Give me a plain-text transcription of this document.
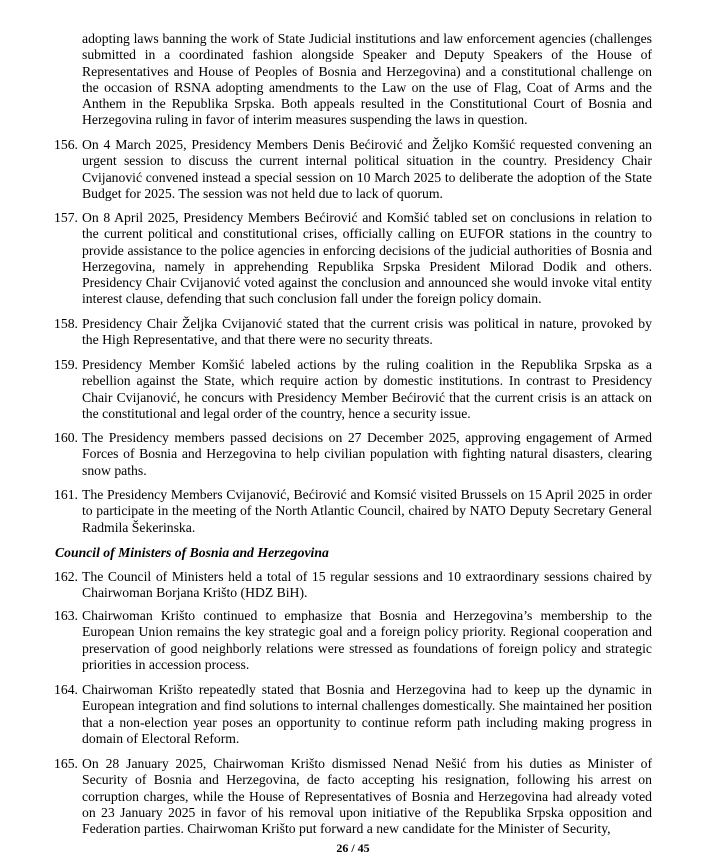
adopting laws banning the work of State Judicial institutions and law enforcement agencies (challenges submitted in a coordinated fashion alongside Speaker and Deputy Speakers of the House of Representatives and House of Peoples of Bosnia and Herzegovina) and a constitutional challenge on the occasion of RSNA adopting amendments to the Law on the use of Flag, Coat of Arms and the Anthem in the Republika Srpska. Both appeals resulted in the Constitutional Court of Bosnia and Herzegovina ruling in favor of interim measures suspending the laws in question.
156. On 4 March 2025, Presidency Members Denis Bećirović and Željko Komšić requested convening an urgent session to discuss the current internal political situation in the country. Presidency Chair Cvijanović convened instead a special session on 10 March 2025 to deliberate the adoption of the State Budget for 2025. The session was not held due to lack of quorum.
157. On 8 April 2025, Presidency Members Bećirović and Komšić tabled set on conclusions in relation to the current political and constitutional crises, officially calling on EUFOR stations in the country to provide assistance to the police agencies in enforcing decisions of the judicial authorities of Bosnia and Herzegovina, namely in apprehending Republika Srpska President Milorad Dodik and others. Presidency Chair Cvijanović voted against the conclusion and announced she would invoke vital entity interest clause, defending that such conclusion fall under the foreign policy domain.
158. Presidency Chair Željka Cvijanović stated that the current crisis was political in nature, provoked by the High Representative, and that there were no security threats.
159. Presidency Member Komšić labeled actions by the ruling coalition in the Republika Srpska as a rebellion against the State, which require action by domestic institutions. In contrast to Presidency Chair Cvijanović, he concurs with Presidency Member Bećirović that the current crisis is an attack on the constitutional and legal order of the country, hence a security issue.
160. The Presidency members passed decisions on 27 December 2025, approving engagement of Armed Forces of Bosnia and Herzegovina to help civilian population with fighting natural disasters, clearing snow paths.
161. The Presidency Members Cvijanović, Bećirović and Komsić visited Brussels on 15 April 2025 in order to participate in the meeting of the North Atlantic Council, chaired by NATO Deputy Secretary General Radmila Šekerinska.
Council of Ministers of Bosnia and Herzegovina
162. The Council of Ministers held a total of 15 regular sessions and 10 extraordinary sessions chaired by Chairwoman Borjana Krišto (HDZ BiH).
163. Chairwoman Krišto continued to emphasize that Bosnia and Herzegovina’s membership to the European Union remains the key strategic goal and a foreign policy priority. Regional cooperation and preservation of good neighborly relations were stressed as foundations of foreign policy and strategic priorities in accession process.
164. Chairwoman Krišto repeatedly stated that Bosnia and Herzegovina had to keep up the dynamic in European integration and find solutions to internal challenges domestically. She maintained her position that a non-election year poses an opportunity to continue reform path including making progress in domain of Electoral Reform.
165. On 28 January 2025, Chairwoman Krišto dismissed Nenad Nešić from his duties as Minister of Security of Bosnia and Herzegovina, de facto accepting his resignation, following his arrest on corruption charges, while the House of Representatives of Bosnia and Herzegovina had already voted on 23 January 2025 in favor of his removal upon initiative of the Republika Srpska opposition and Federation parties. Chairwoman Krišto put forward a new candidate for the Minister of Security,
26 / 45
